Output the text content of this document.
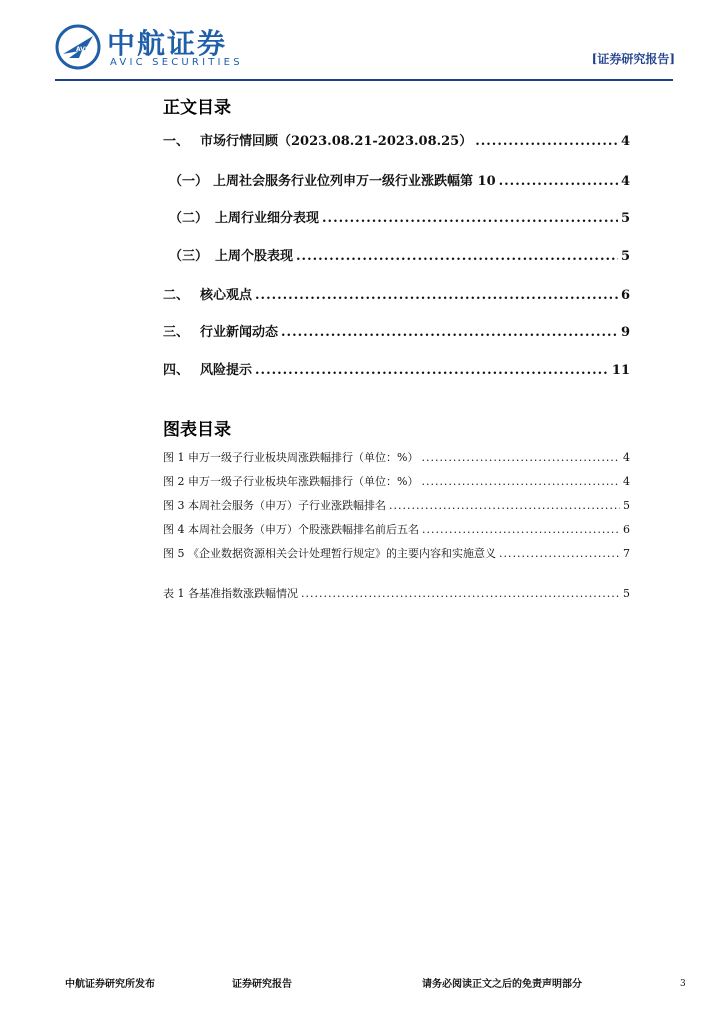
AVIC 中航证券
AVIC SECURITIES	[证券研究报告]
正文目录
一、 市场行情回顾（2023.08.21-2023.08.25） .....	4
（一） 上周社会服务行业位列申万一级行业涨跌幅第 10 .....	4
（二） 上周行业细分表现 .....	5
（三） 上周个股表现 .....	5
二、 核心观点 .....	6
三、 行业新闻动态 .....	9
四、 风险提示 .....	11
图 1 申万一级子行业板块周涨跌幅排行（单位：%） .....	4
图 2 申万一级子行业板块年涨跌幅排行（单位：%） .....	4
图 3 本周社会服务（申万）子行业涨跌幅排名 .....	5
图 4 本周社会服务（申万）个股涨跌幅排名前后五名 .....	6
图 5 《企业数据资源相关会计处理暂行规定》的主要内容和实施意义 .....	7
表 1 各基准指数涨跌幅情况 .....	5
图表目录
中航证券研究所发布	证券研究报告	请务必阅读正文之后的免责声明部分	3
